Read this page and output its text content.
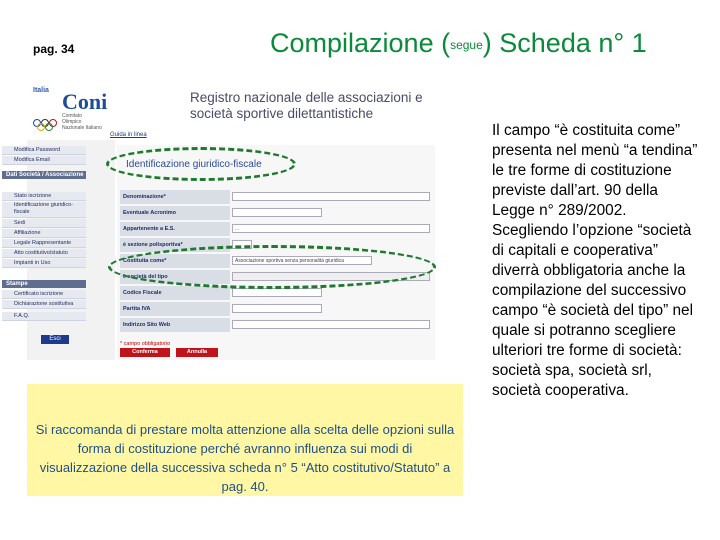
pag. 34	Compilazione (segue) Scheda n° 1
Italia Coni
Comitato Olimpico Nazionale Italiano
Registro nazionale delle associazioni e società sportive dilettantistiche
Guida in linea
Modifica Password
Modifica Email
Dati Società / Associazione
Stato iscrizione
Identificazione giuridico-fiscale
Sedi
Affiliazione
Legale Rappresentante
Atto costitutivo/statuto
Impianti in Uso
Stampe
Certificato iscrizione
Dichiarazione sostitutiva
F.A.Q.
Esci
Identificazione giuridico-fiscale
Denominazione*
Eventuale Acronimo
Appartenente a E.S.	...
è sezione polisportiva*	...
Costituita come*	Associazione sportiva senza personalità giuridica
è società del tipo
Codice Fiscale
Partita IVA
Indirizzo Sito Web
* campo obbligatorio
Conferma	Annulla
Si raccomanda di prestare molta attenzione alla scelta delle opzioni sulla forma di costituzione perché avranno influenza sui modi di visualizzazione della successiva scheda n° 5 “Atto costitutivo/Statuto” a pag. 40.
Il campo “è costituita come” presenta nel menù “a tendina” le tre forme di costituzione previste dall’art. 90 della Legge n° 289/2002. Scegliendo l’opzione “società di capitali e cooperativa” diverrà obbligatoria anche la compilazione del successivo campo “è società del tipo” nel quale si potranno scegliere ulteriori tre forme di società: società spa, società srl, società cooperativa.
